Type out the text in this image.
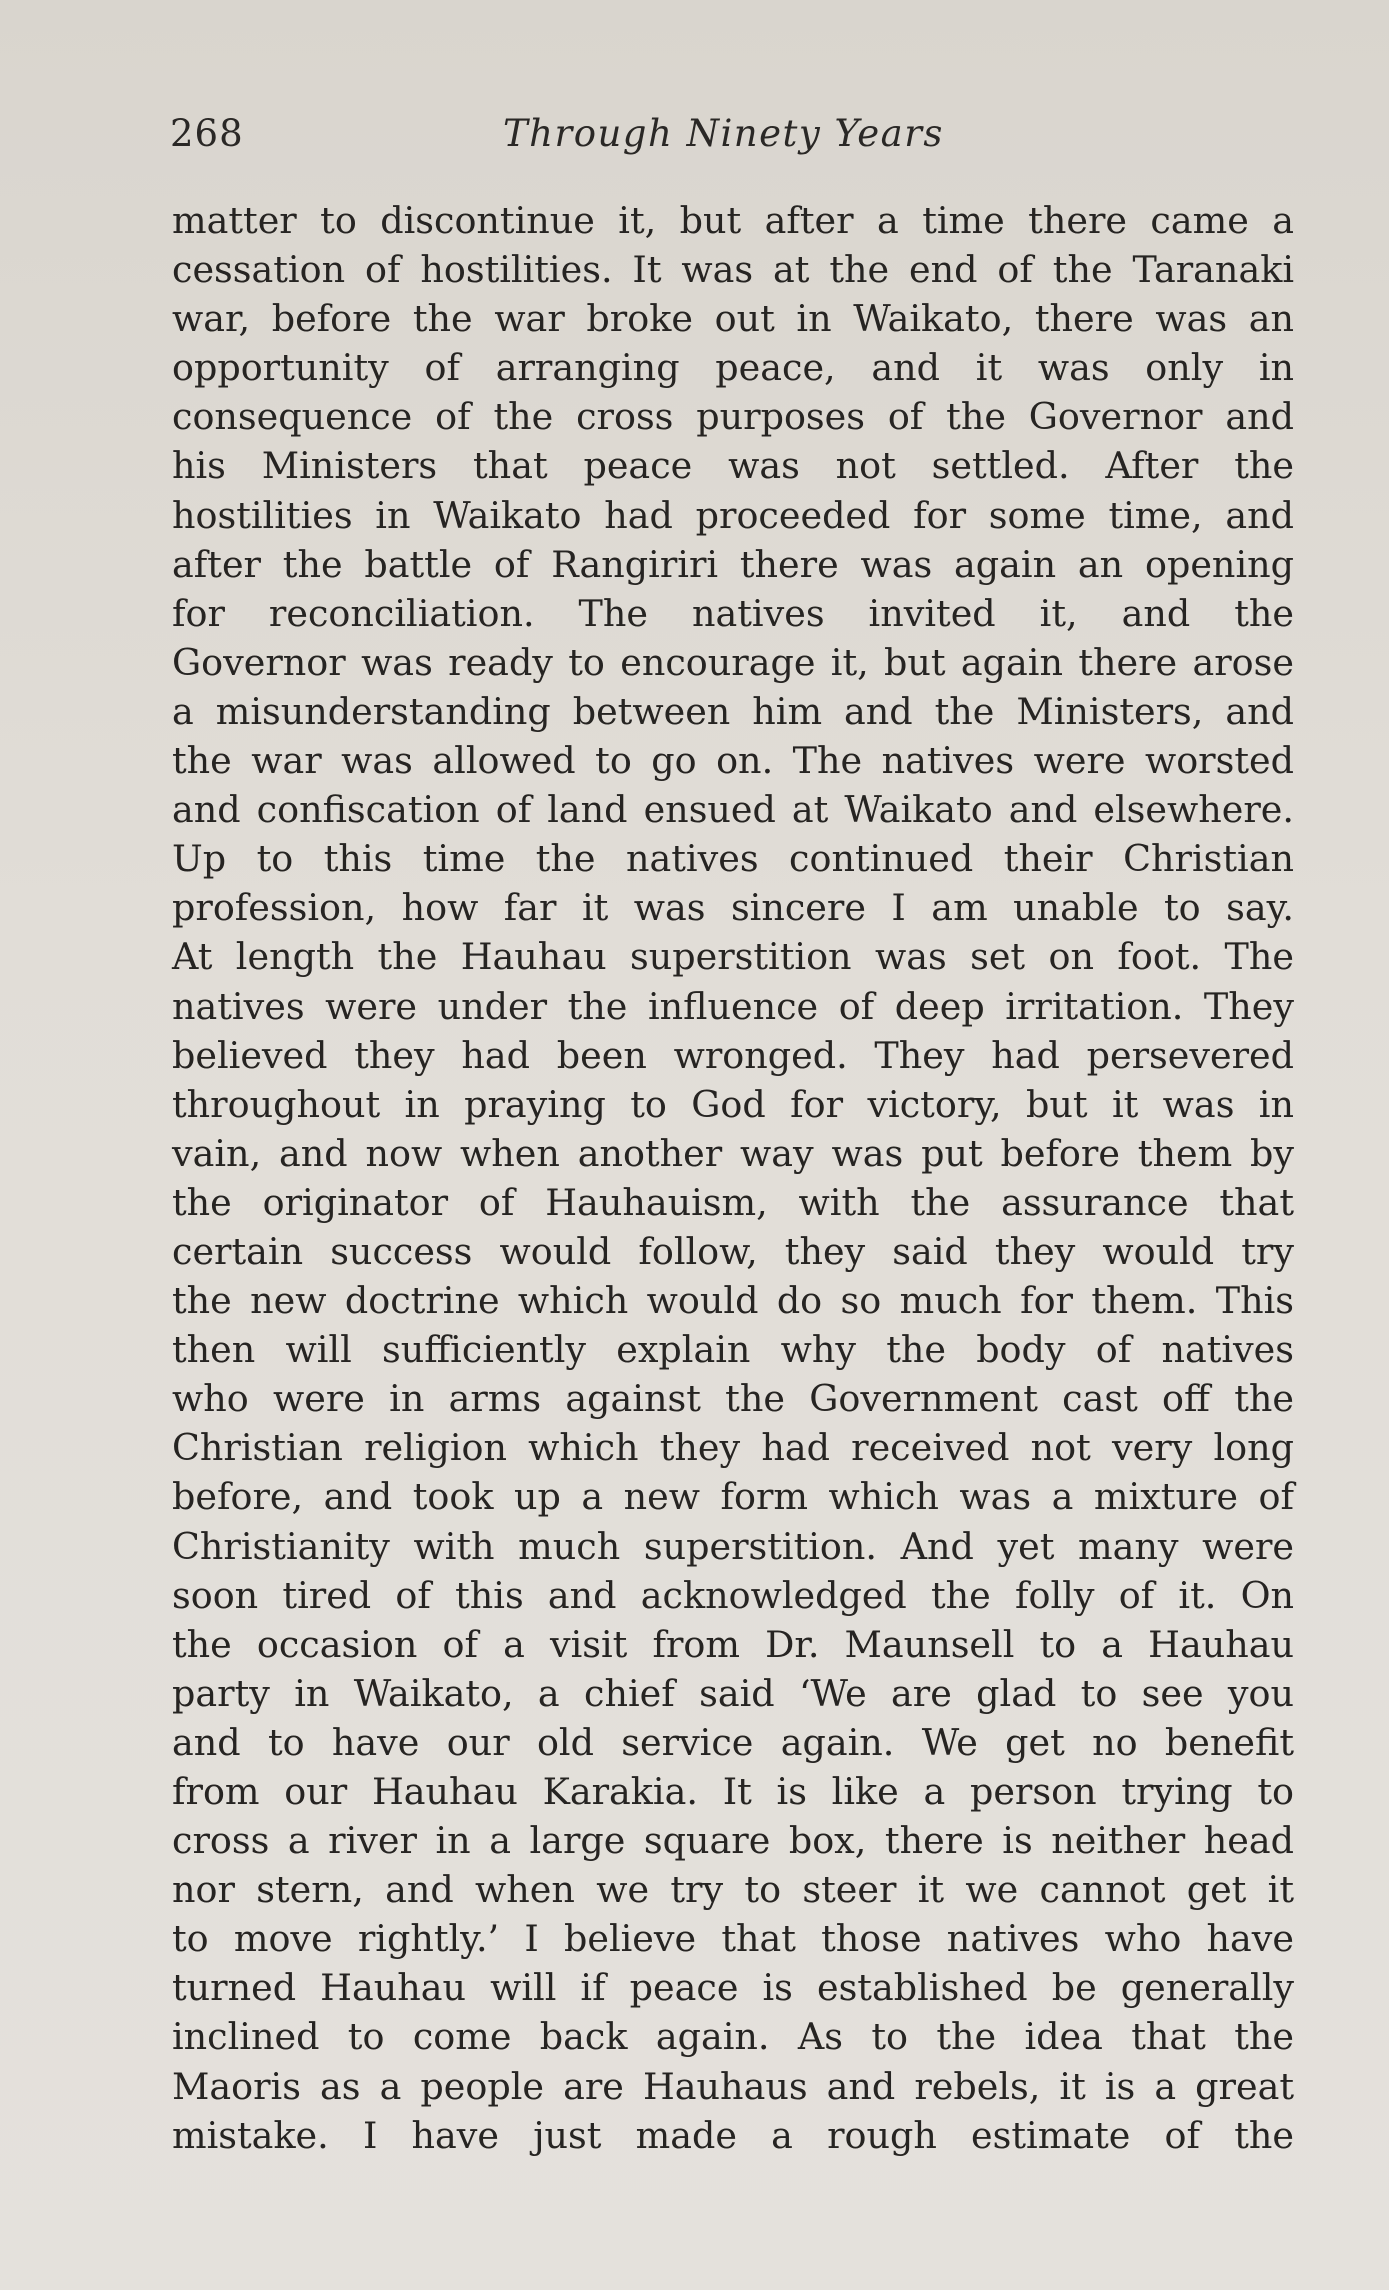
268	Through Ninety Years
matter to discontinue it, but after a time there came a
cessation of hostilities. It was at the end of the Taranaki
war, before the war broke out in Waikato, there was an
opportunity of arranging peace, and it was only in
consequence of the cross purposes of the Governor and
his Ministers that peace was not settled. After the
hostilities in Waikato had proceeded for some time, and
after the battle of Rangiriri there was again an opening
for reconciliation. The natives invited it, and the
Governor was ready to encourage it, but again there arose
a misunderstanding between him and the Ministers, and
the war was allowed to go on. The natives were worsted
and confiscation of land ensued at Waikato and elsewhere.
Up to this time the natives continued their Christian
profession, how far it was sincere I am unable to say.
At length the Hauhau superstition was set on foot. The
natives were under the influence of deep irritation. They
believed they had been wronged. They had persevered
throughout in praying to God for victory, but it was in
vain, and now when another way was put before them by
the originator of Hauhauism, with the assurance that
certain success would follow, they said they would try
the new doctrine which would do so much for them. This
then will sufficiently explain why the body of natives
who were in arms against the Government cast off the
Christian religion which they had received not very long
before, and took up a new form which was a mixture of
Christianity with much superstition. And yet many were
soon tired of this and acknowledged the folly of it. On
the occasion of a visit from Dr. Maunsell to a Hauhau
party in Waikato, a chief said ‘We are glad to see you
and to have our old service again. We get no benefit
from our Hauhau Karakia. It is like a person trying to
cross a river in a large square box, there is neither head
nor stern, and when we try to steer it we cannot get it
to move rightly.’ I believe that those natives who have
turned Hauhau will if peace is established be generally
inclined to come back again. As to the idea that the
Maoris as a people are Hauhaus and rebels, it is a great
mistake. I have just made a rough estimate of the
